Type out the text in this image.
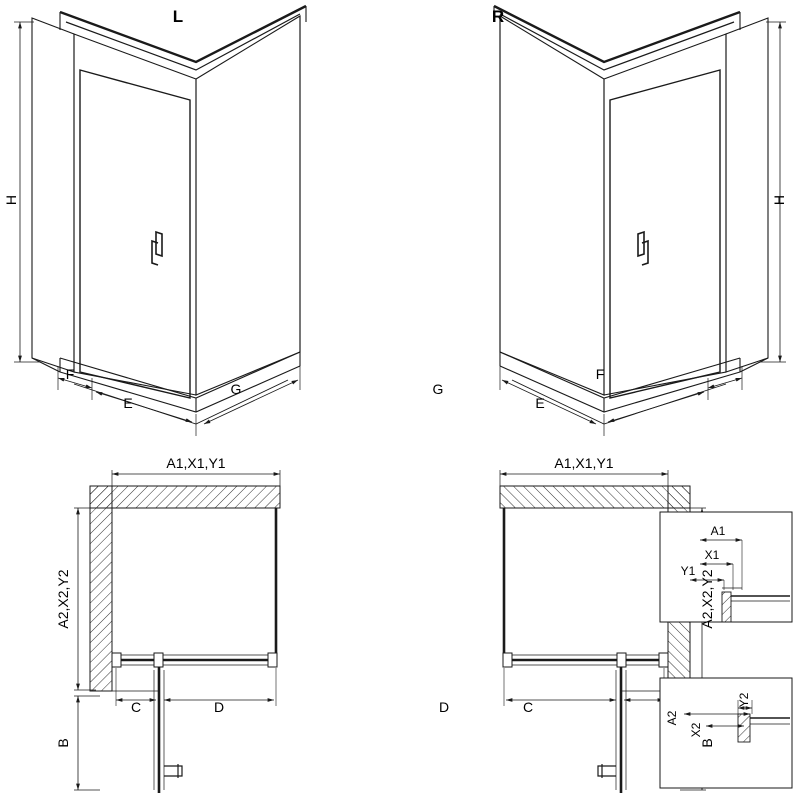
L	R
H
F
E
G
H
G
E
F
A1,X1,Y1
A2,X2,Y2
B
C	D
A1,X1,Y1
A2,X2,Y2
B
D	C
A1
X1
Y1
A2
X2
Y2
